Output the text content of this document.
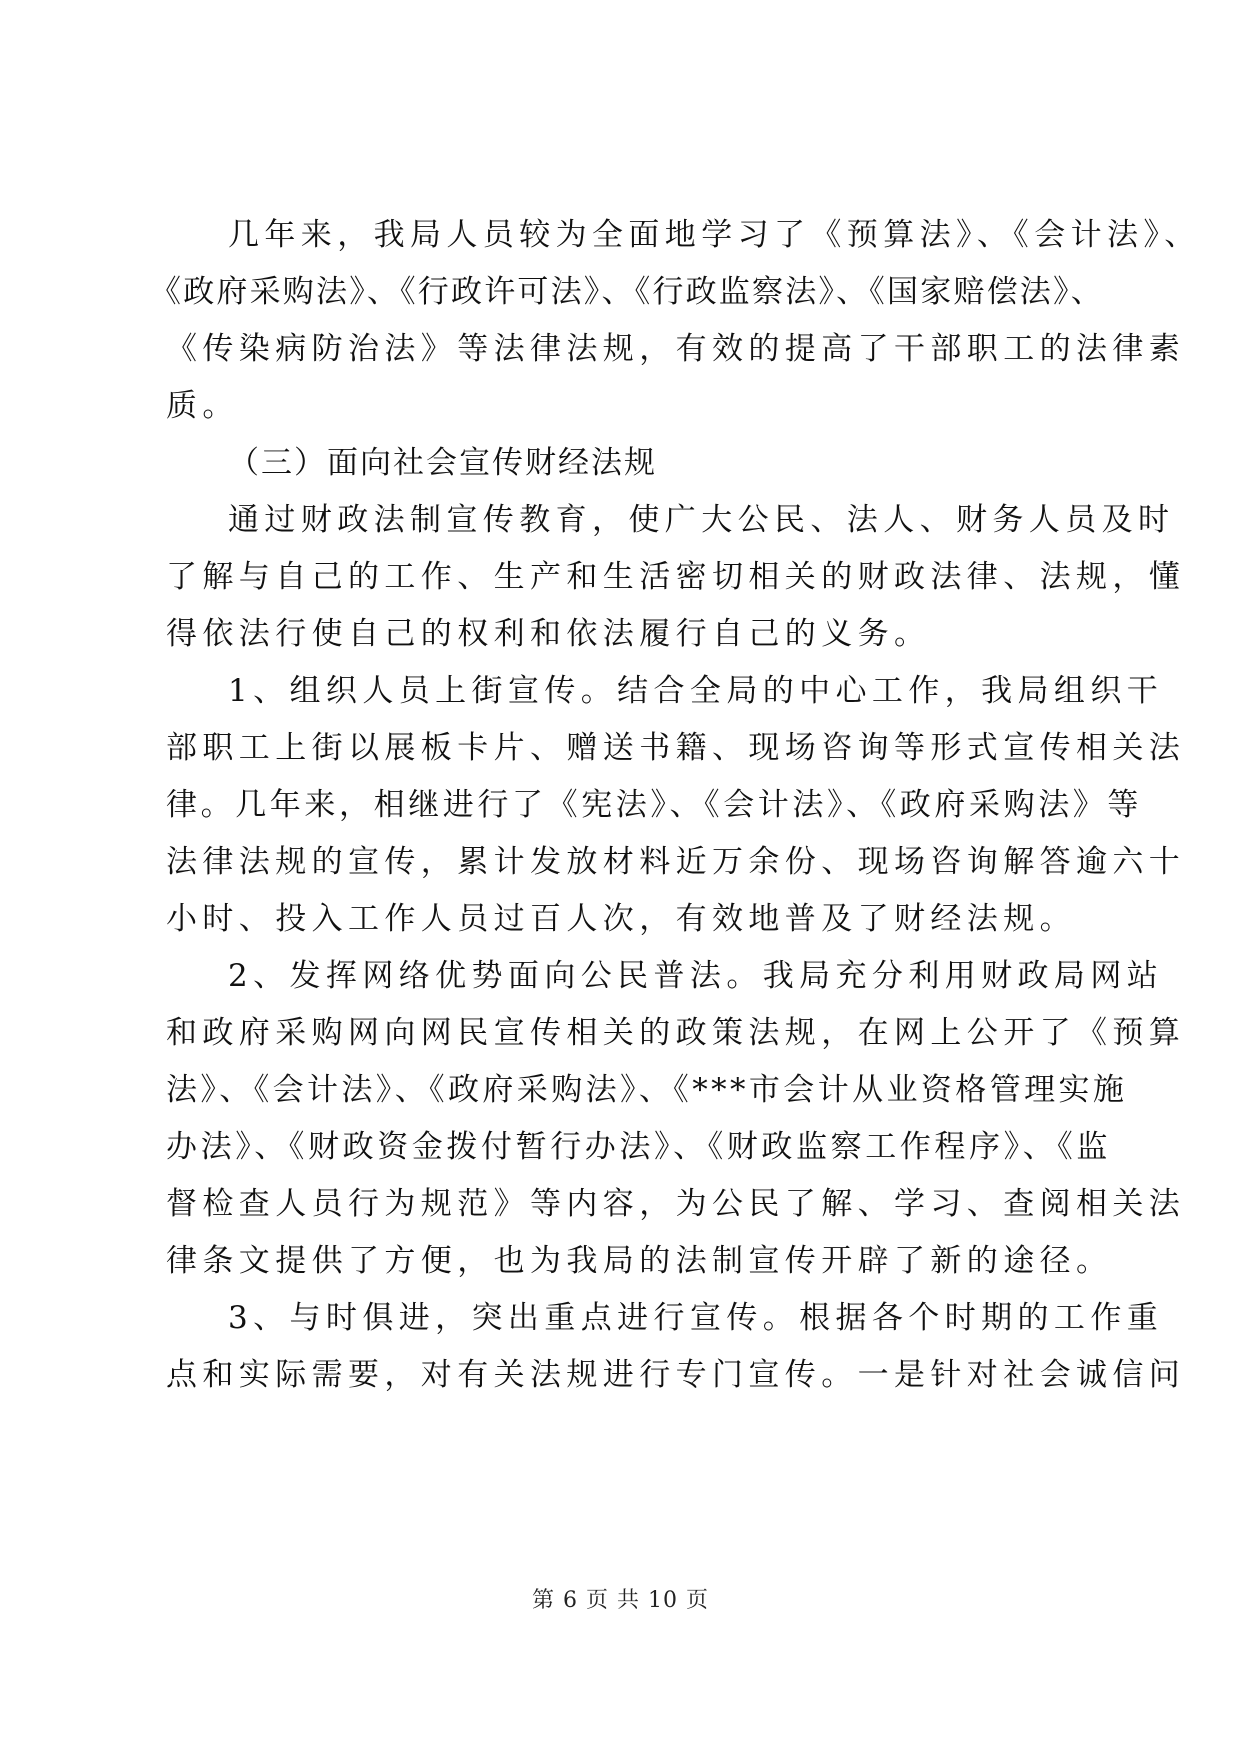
几年来，我局人员较为全面地学习了《预算法》、《会计法》、
《政府采购法》、《行政许可法》、《行政监察法》、《国家赔偿法》、
《传染病防治法》等法律法规，有效的提高了干部职工的法律素
质。
（三）面向社会宣传财经法规
通过财政法制宣传教育，使广大公民、法人、财务人员及时
了解与自己的工作、生产和生活密切相关的财政法律、法规，懂
得依法行使自己的权利和依法履行自己的义务。
1、组织人员上街宣传。结合全局的中心工作，我局组织干
部职工上街以展板卡片、赠送书籍、现场咨询等形式宣传相关法
律。几年来，相继进行了《宪法》、《会计法》、《政府采购法》等
法律法规的宣传，累计发放材料近万余份、现场咨询解答逾六十
小时、投入工作人员过百人次，有效地普及了财经法规。
2、发挥网络优势面向公民普法。我局充分利用财政局网站
和政府采购网向网民宣传相关的政策法规，在网上公开了《预算
法》、《会计法》、《政府采购法》、《***市会计从业资格管理实施
办法》、《财政资金拨付暂行办法》、《财政监察工作程序》、《监
督检查人员行为规范》等内容，为公民了解、学习、查阅相关法
律条文提供了方便，也为我局的法制宣传开辟了新的途径。
3、与时俱进，突出重点进行宣传。根据各个时期的工作重
点和实际需要，对有关法规进行专门宣传。一是针对社会诚信问
第 6 页 共 10 页
